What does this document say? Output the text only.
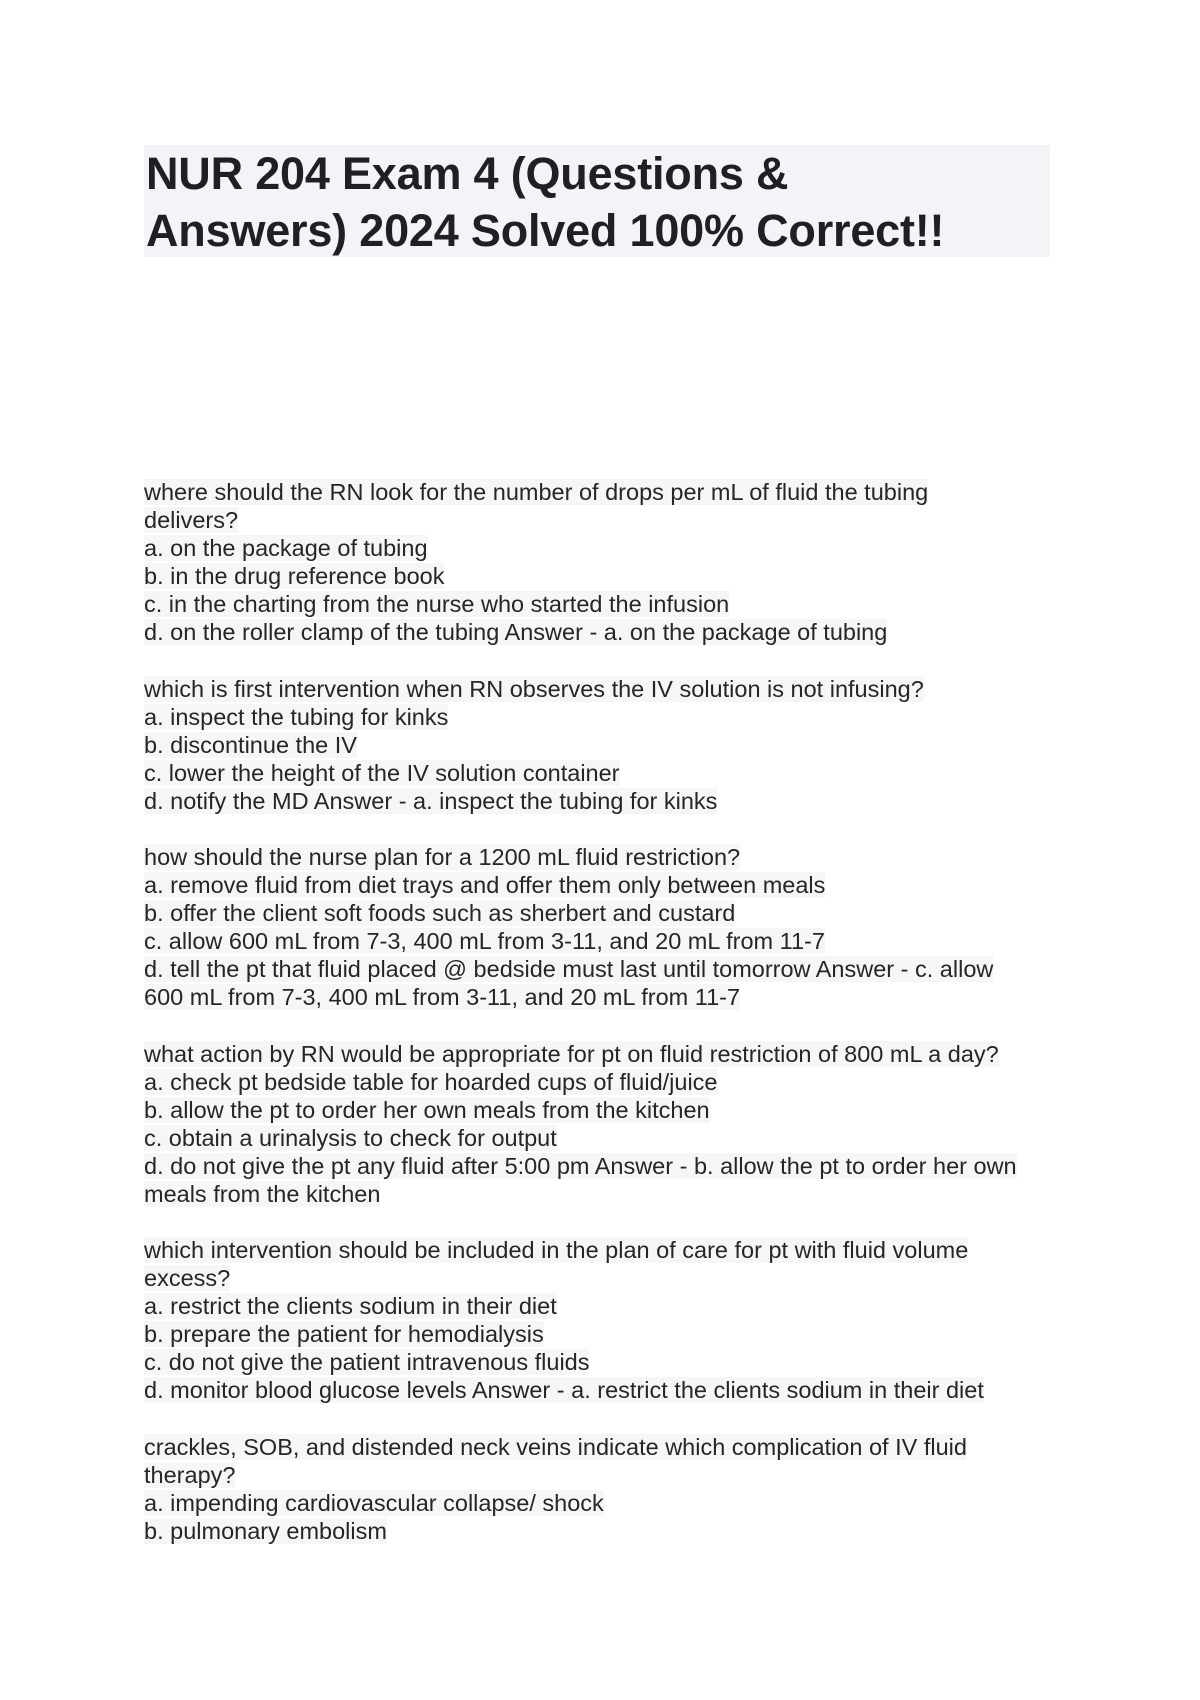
NUR 204 Exam 4 (Questions &
Answers) 2024 Solved 100% Correct!!
where should the RN look for the number of drops per mL of fluid the tubing
delivers?
a. on the package of tubing
b. in the drug reference book
c. in the charting from the nurse who started the infusion
d. on the roller clamp of the tubing Answer - a. on the package of tubing
which is first intervention when RN observes the IV solution is not infusing?
a. inspect the tubing for kinks
b. discontinue the IV
c. lower the height of the IV solution container
d. notify the MD Answer - a. inspect the tubing for kinks
how should the nurse plan for a 1200 mL fluid restriction?
a. remove fluid from diet trays and offer them only between meals
b. offer the client soft foods such as sherbert and custard
c. allow 600 mL from 7-3, 400 mL from 3-11, and 20 mL from 11-7
d. tell the pt that fluid placed @ bedside must last until tomorrow Answer - c. allow
600 mL from 7-3, 400 mL from 3-11, and 20 mL from 11-7
what action by RN would be appropriate for pt on fluid restriction of 800 mL a day?
a. check pt bedside table for hoarded cups of fluid/juice
b. allow the pt to order her own meals from the kitchen
c. obtain a urinalysis to check for output
d. do not give the pt any fluid after 5:00 pm Answer - b. allow the pt to order her own
meals from the kitchen
which intervention should be included in the plan of care for pt with fluid volume
excess?
a. restrict the clients sodium in their diet
b. prepare the patient for hemodialysis
c. do not give the patient intravenous fluids
d. monitor blood glucose levels Answer - a. restrict the clients sodium in their diet
crackles, SOB, and distended neck veins indicate which complication of IV fluid
therapy?
a. impending cardiovascular collapse/ shock
b. pulmonary embolism
